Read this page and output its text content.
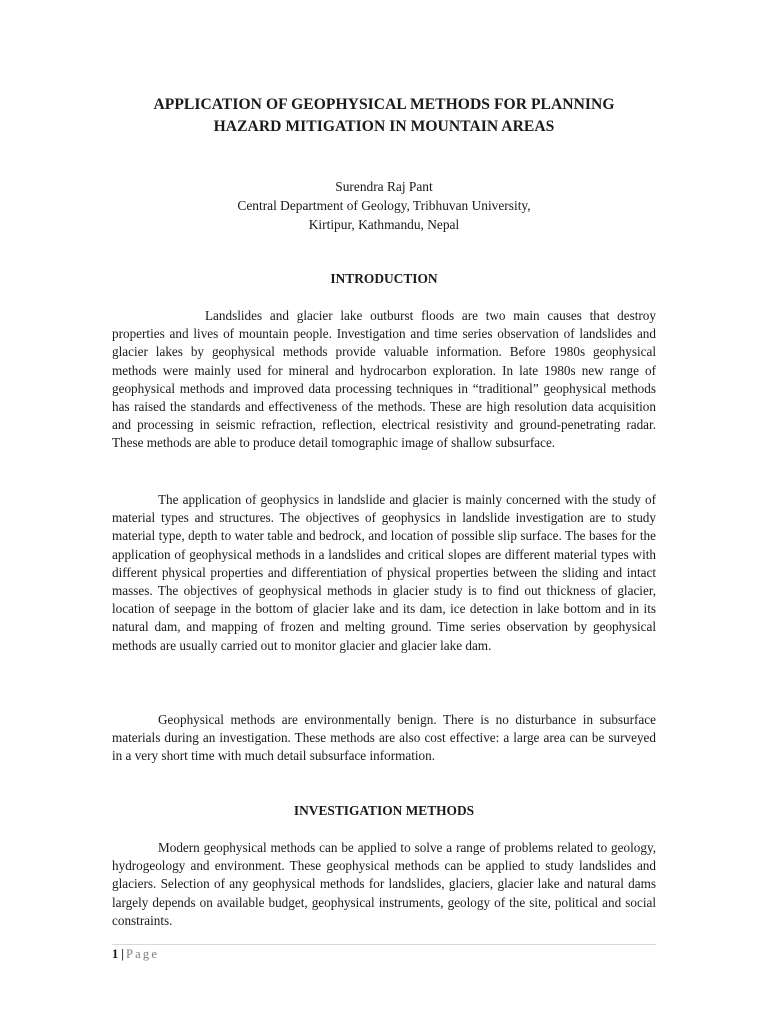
APPLICATION OF GEOPHYSICAL METHODS FOR PLANNING
HAZARD MITIGATION IN MOUNTAIN AREAS
Surendra Raj Pant
Central Department of Geology, Tribhuvan University,
Kirtipur, Kathmandu, Nepal
INTRODUCTION

Landslides and glacier lake outburst floods are two main causes that destroy properties and lives of mountain people. Investigation and time series observation of landslides and glacier lakes by geophysical methods provide valuable information. Before 1980s geophysical methods were mainly used for mineral and hydrocarbon exploration. In late 1980s new range of geophysical methods and improved data processing techniques in “traditional” geophysical methods has raised the standards and effectiveness of the methods. These are high resolution data acquisition and processing in seismic refraction, reflection, electrical resistivity and ground-penetrating radar. These methods are able to produce detail tomographic image of shallow subsurface.

The application of geophysics in landslide and glacier is mainly concerned with the study of material types and structures. The objectives of geophysics in landslide investigation are to study material type, depth to water table and bedrock, and location of possible slip surface. The bases for the application of geophysical methods in a landslides and critical slopes are different material types with different physical properties and differentiation of physical properties between the sliding and intact masses. The objectives of geophysical methods in glacier study is to find out thickness of glacier, location of seepage in the bottom of glacier lake and its dam, ice detection in lake bottom and in its natural dam, and mapping of frozen and melting ground. Time series observation by geophysical methods are usually carried out to monitor glacier and glacier lake dam.

Geophysical methods are environmentally benign. There is no disturbance in subsurface materials during an investigation. These methods are also cost effective: a large area can be surveyed in a very short time with much detail subsurface information.

INVESTIGATION METHODS

Modern geophysical methods can be applied to solve a range of problems related to geology, hydrogeology and environment. These geophysical methods can be applied to study landslides and glaciers. Selection of any geophysical methods for landslides, glaciers, glacier lake and natural dams largely depends on available budget, geophysical instruments, geology of the site, political and social constraints.

1 | Page
